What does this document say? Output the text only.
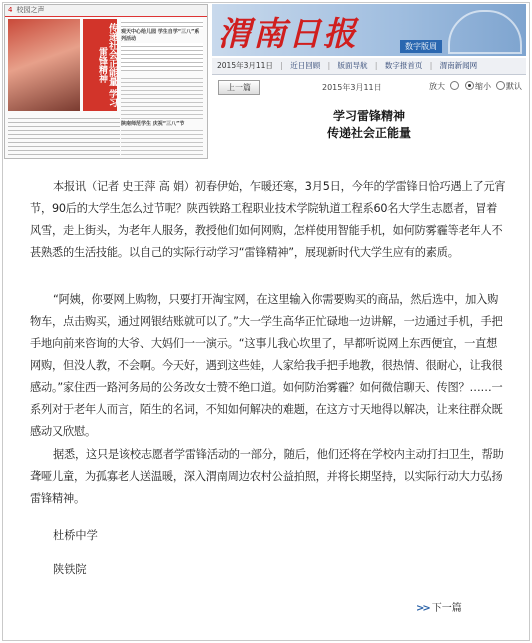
4 校园之声
传递社会正能量 学习雷锋精神
观天中心给儿园 学生自学“三八”系列活动
陕南师范学生 庆祝“三八”节
渭南日报	数字版周
2015年3月11日 | 近日回顾 | 版面导航 | 数字报首页 | 渭南新闻网
上一篇	2015年3月11日	放大	缩小 默认
学习雷锋精神
传递社会正能量

本报讯（记者 史王萍 高 娟）初春伊始，乍暖还寒，3月5日，今年的学雷锋日恰巧遇上了元宵节，90后的大学生怎么过节呢？陕西铁路工程职业技术学院轨道工程系60名大学生志愿者，冒着风雪，走上街头，为老年人服务，教授他们如何网购，怎样使用智能手机，如何防雾霾等老年人不甚熟悉的生活技能。以自己的实际行动学习“雷锋精神”，展现新时代大学生应有的素质。

“阿姨，你要网上购物，只要打开淘宝网，在这里输入你需要购买的商品，然后选中，加入购物车，点击购买，通过网银结账就可以了。”大一学生高华正忙碌地一边讲解，一边通过手机，手把手地向前来咨询的大爷、大妈们一一演示。“这事儿我心坎里了，早都听说网上东西便宜，一直想网购，但没人教，不会啊。今天好，遇到这些娃，人家给我手把手地教，很热情、很耐心，让我很感动。”家住西一路河务局的公务改女士赞不绝口道。如何防治雾霾？如何微信聊天、传图？……一系列对于老年人而言，陌生的名词，不知如何解决的难题，在这方寸天地得以解决，让来往群众既感动又欣慰。

据悉，这只是该校志愿者学雷锋活动的一部分，随后，他们还将在学校内主动打扫卫生，帮助聋哑儿童，为孤寡老人送温暖，深入渭南周边农村公益拍照，并将长期坚持，以实际行动大力弘扬雷锋精神。

杜桥中学
陕铁院
>> 下一篇
